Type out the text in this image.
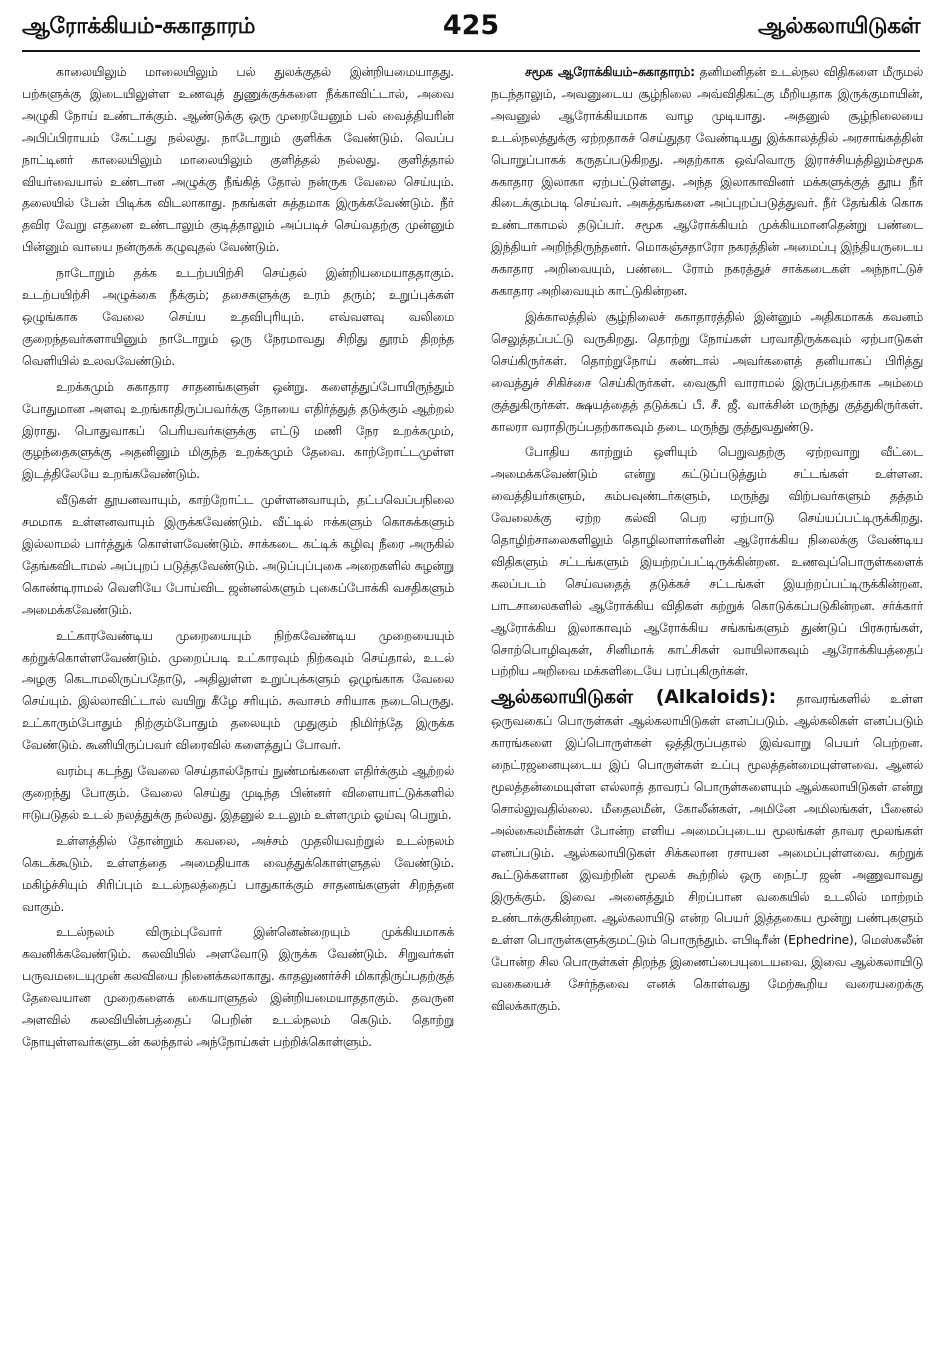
ஆரோக்கியம்-சுகாதாரம்	425	ஆல்கலாயிடுகள்

காலையிலும் மாலையிலும் பல் துலக்குதல் இன்றியமையாதது. பற்களுக்கு இடையிலுள்ள உணவுத் துணுக்குக்களை நீக்காவிட்டால், அவை அழுகி நோய் உண்டாக்கும். ஆண்டுக்கு ஒரு முறையேனும் பல் வைத்தியரின் அபிப்பிராயம் கேட்பது நல்லது. நாடோறும் குளிக்க வேண்டும். வெப்ப நாட்டினர் காலையிலும் மாலையிலும் குளித்தல் நல்லது. குளித்தால் வியர்வையால் உண்டான அழுக்கு நீங்கித் தோல் நன்ருக வேலை செய்யும். தலையில் பேன் பிடிக்க விடலாகாது. நகங்கள் சுத்தமாக இருக்கவேண்டும். நீர் தவிர வேறு எதனை உண்டாலும் குடித்தாலும் அப்படிச் செய்வதற்கு முன்னும் பின்னும் வாயை நன்ருகக் கழுவுதல் வேண்டும்.

நாடோறும் தக்க உடற்பயிற்சி செய்தல் இன்றியமையாததாகும். உடற்பயிற்சி அழுக்கை நீக்கும்; தசைகளுக்கு உரம் தரும்; உறுப்புக்கள் ஒழுங்காக வேலை செய்ய உதவிபுரியும். எவ்வளவு வலிமை குறைந்தவர்களாயினும் நாடோறும் ஒரு நேரமாவது சிறிது தூரம் திறந்த வெளியில் உலவவேண்டும்.

உறக்கமும் சுகாதார சாதனங்களுள் ஒன்று. களைத்துப்போயிருந்தும் போதுமான அளவு உறங்காதிருப்பவர்க்கு நோயை எதிர்த்துத் தடுக்கும் ஆற்றல் இராது. பொதுவாகப் பெரியவர்களுக்கு எட்டு மணி நேர உறக்கமும், குழந்தைகளுக்கு அதனினும் மிகுந்த உறக்கமும் தேவை. காற்றோட்டமுள்ள இடத்திலேயே உறங்கவேண்டும்.

வீடுகள் தூயனவாயும், காற்றோட்ட முள்ளனவாயும், தட்பவெப்பநிலை சமமாக உள்ளனவாயும் இருக்கவேண்டும். வீட்டில் ஈக்களும் கொசுக்களும் இல்லாமல் பார்த்துக் கொள்ளவேண்டும். சாக்கடை கட்டிக் கழிவு நீரை அருகில் தேங்கவிடாமல் அப்புறப் படுத்தவேண்டும். அடுப்புப்புகை அறைகளில் சுழன்று கொண்டிராமல் வெளியே போய்விட ஜன்னல்களும் புகைப்போக்கி வசதிகளும் அமைக்கவேண்டும்.

உட்காரவேண்டிய முறையையும் நிற்கவேண்டிய முறையையும் கற்றுக்கொள்ளவேண்டும். முறைப்படி உட்காரவும் நிற்கவும் செய்தால், உடல் அழகு கெடாமலிருப்பதோடு, அதிலுள்ள உறுப்புக்களும் ஒழுங்காக வேலை செய்யும். இல்லாவிட்டால் வயிறு கீழே சரியும். சுவாசம் சரியாக நடைபெருது. உட்காரும்போதும் நிற்கும்போதும் தலையும் முதுகும் நிமிர்ந்தே இருக்க வேண்டும். கூனியிருப்பவர் விரைவில் களைத்துப் போவர்.

வரம்பு கடந்து வேலை செய்தால்நோய் நுண்மங்களை எதிர்க்கும் ஆற்றல் குறைந்து போகும். வேலை செய்து முடிந்த பின்னர் விளையாட்டுக்களில் ஈடுபடுதல் உடல் நலத்துக்கு நல்லது. இதனுல் உடலும் உள்ளமும் ஓய்வு பெறும்.

உள்ளத்தில் தோன்றும் கவலை, அச்சம் முதலியவற்றுல் உடல்நலம் கெடக்கூடும். உள்ளத்தை அமைதியாக வைத்துக்கொள்ளுதல் வேண்டும். மகிழ்ச்சியும் சிரிப்பும் உடல்நலத்தைப் பாதுகாக்கும் சாதனங்களுள் சிறந்தன வாகும்.

உடல்நலம் விரும்புவோர் இன்னென்றையும் முக்கியமாகக் கவனிக்கவேண்டும். கலவியில் அளவோடு இருக்க வேண்டும். சிறுவர்கள் பருவமடையுமுன் கலவியை நினைக்கலாகாது. காதலுணர்ச்சி மிகாதிருப்பதற்குத் தேவையான முறைகளைக் கையாளுதல் இன்றியமையாததாகும். தவருன அளவில் கலவியின்பத்தைப் பெறின் உடல்நலம் கெடும். தொற்று நோயுள்ளவர்களுடன் கலந்தால் அந்நோய்கள் பற்றிக்கொள்ளும்.

சமூக ஆரோக்கியம்–சுகாதாரம்: தனிமனிதன் உடல்நல விதிகளை மீருமல் நடந்தாலும், அவனுடைய சூழ்நிலை அவ்விதிகட்கு மீறியதாக இருக்குமாயின், அவனுல் ஆரோக்கியமாக வாழ முடியாது. அதனுல் சூழ்நிலையை உடல்நலத்துக்கு ஏற்றதாகச் செய்துதர வேண்டியது இக்காலத்தில் அரசாங்கத்தின் பொறுப்பாகக் கருதப்படுகிறது. அதற்காக ஒவ்வொரு இராச்சியத்திலும்சமூக சுகாதார இலாகா ஏற்பட்டுள்ளது. அந்த இலாகாவினர் மக்களுக்குத் தூய நீர் கிடைக்கும்படி செய்வர். அசுத்தங்களை அப்புறப்படுத்துவர். நீர் தேங்கிக் கொசு உண்டாகாமல் தடுப்பர். சமூக ஆரோக்கியம் முக்கியமானதென்று பண்டை இந்தியர் அறிந்திருந்தனர். மொகஞ்சதாரோ நகரத்தின் அமைப்பு இந்தியருடைய சுகாதார அறிவையும், பண்டை ரோம் நகரத்துச் சாக்கடைகள் அந்நாட்டுச் சுகாதார அறிவையும் காட்டுகின்றன.

இக்காலத்தில் சூழ்நிலைச் சுகாதாரத்தில் இன்னும் அதிகமாகக் கவனம் செலுத்தப்பட்டு வருகிறது. தொற்று நோய்கள் பரவாதிருக்கவும் ஏற்பாடுகள் செய்கிருர்கள். தொற்றுநோய் கண்டால் அவர்களைத் தனியாகப் பிரித்து வைத்துச் சிகிச்சை செய்கிருர்கள். வைசூரி வாராமல் இருப்பதற்காக அம்மை குத்துகிருர்கள். க்ஷயத்தைத் தடுக்கப் பீ. சீ. ஜீ. வாக்சின் மருந்து குத்துகிருர்கள். காலரா வராதிருப்பதற்காகவும் தடை மருந்து குத்துவதுண்டு.

போதிய காற்றும் ஒளியும் பெறுவதற்கு ஏற்றவாறு வீட்டை அமைக்கவேண்டும் என்று கட்டுப்படுத்தும் சட்டங்கள் உள்ளன. வைத்தியர்களும், கம்பவுண்டர்களும், மருந்து விற்பவர்களும் தத்தம் வேலைக்கு ஏற்ற கல்வி பெற ஏற்பாடு செய்யப்பட்டிருக்கிறது. தொழிற்சாலைகளிலும் தொழிலாளர்களின் ஆரோக்கிய நிலைக்கு வேண்டிய விதிகளும் சட்டங்களும் இயற்றப்பட்டிருக்கின்றன. உணவுப்பொருள்களைக் கலப்படம் செய்வதைத் தடுக்கச் சட்டங்கள் இயற்றப்பட்டிருக்கின்றன. பாடசாலைகளில் ஆரோக்கிய விதிகள் கற்றுக் கொடுக்கப்படுகின்றன. சர்க்கார் ஆரோக்கிய இலாகாவும் ஆரோக்கிய சங்கங்களும் துண்டுப் பிரசுரங்கள், சொற்பொழிவுகள், சினிமாக் காட்சிகள் வாயிலாகவும் ஆரோக்கியத்தைப் பற்றிய அறிவை மக்களிடையே பரப்புகிருர்கள்.

ஆல்கலாயிடுகள் (Alkaloids): தாவரங்களில் உள்ள ஒருவகைப் பொருள்கள் ஆல்கலாயிடுகள் எனப்படும். ஆல்கலிகள் எனப்படும் காரங்களை இப்பொருள்கள் ஒத்திருப்பதால் இவ்வாறு பெயர் பெற்றன. நைட்ரஜனையுடைய இப் பொருள்கள் உப்பு மூலத்தன்மையுள்ளவை. ஆனல் மூலத்தன்மையுள்ள எல்லாத் தாவரப் பொருள்களையும் ஆல்கலாயிடுகள் என்று சொல்லுவதில்லை. மீதைலமீன், கோலீன்கள், அமினே அமிலங்கள், பீனைல் அல்கைலமீன்கள் போன்ற எளிய அமைப்புடைய மூலங்கள் தாவர மூலங்கள் எனப்படும். ஆல்கலாயிடுகள் சிக்கலான ரசாயன அமைப்புள்ளவை. சுற்றுக் கூட்டுக்களான இவற்றின் மூலக் கூற்றில் ஒரு நைட்ர ஜன் அணுவாவது இருக்கும். இவை அனைத்தும் சிறப்பான வகையில் உடலில் மாற்றம் உண்டாக்குகின்றன. ஆல்கலாயிடு என்ற பெயர் இத்தகைய மூன்று பண்புகளும் உள்ள பொருள்களுக்குமட்டும் பொருந்தும். எபிடிரீன் (Ephedrine), மெஸ்கலீன் போன்ற சில பொருள்கள் திறந்த இணைப்பையுடையவை. இவை ஆல்கலாயிடு வகையைச் சேர்ந்தவை எனக் கொள்வது மேற்கூறிய வரையறைக்கு விலக்காகும்.
